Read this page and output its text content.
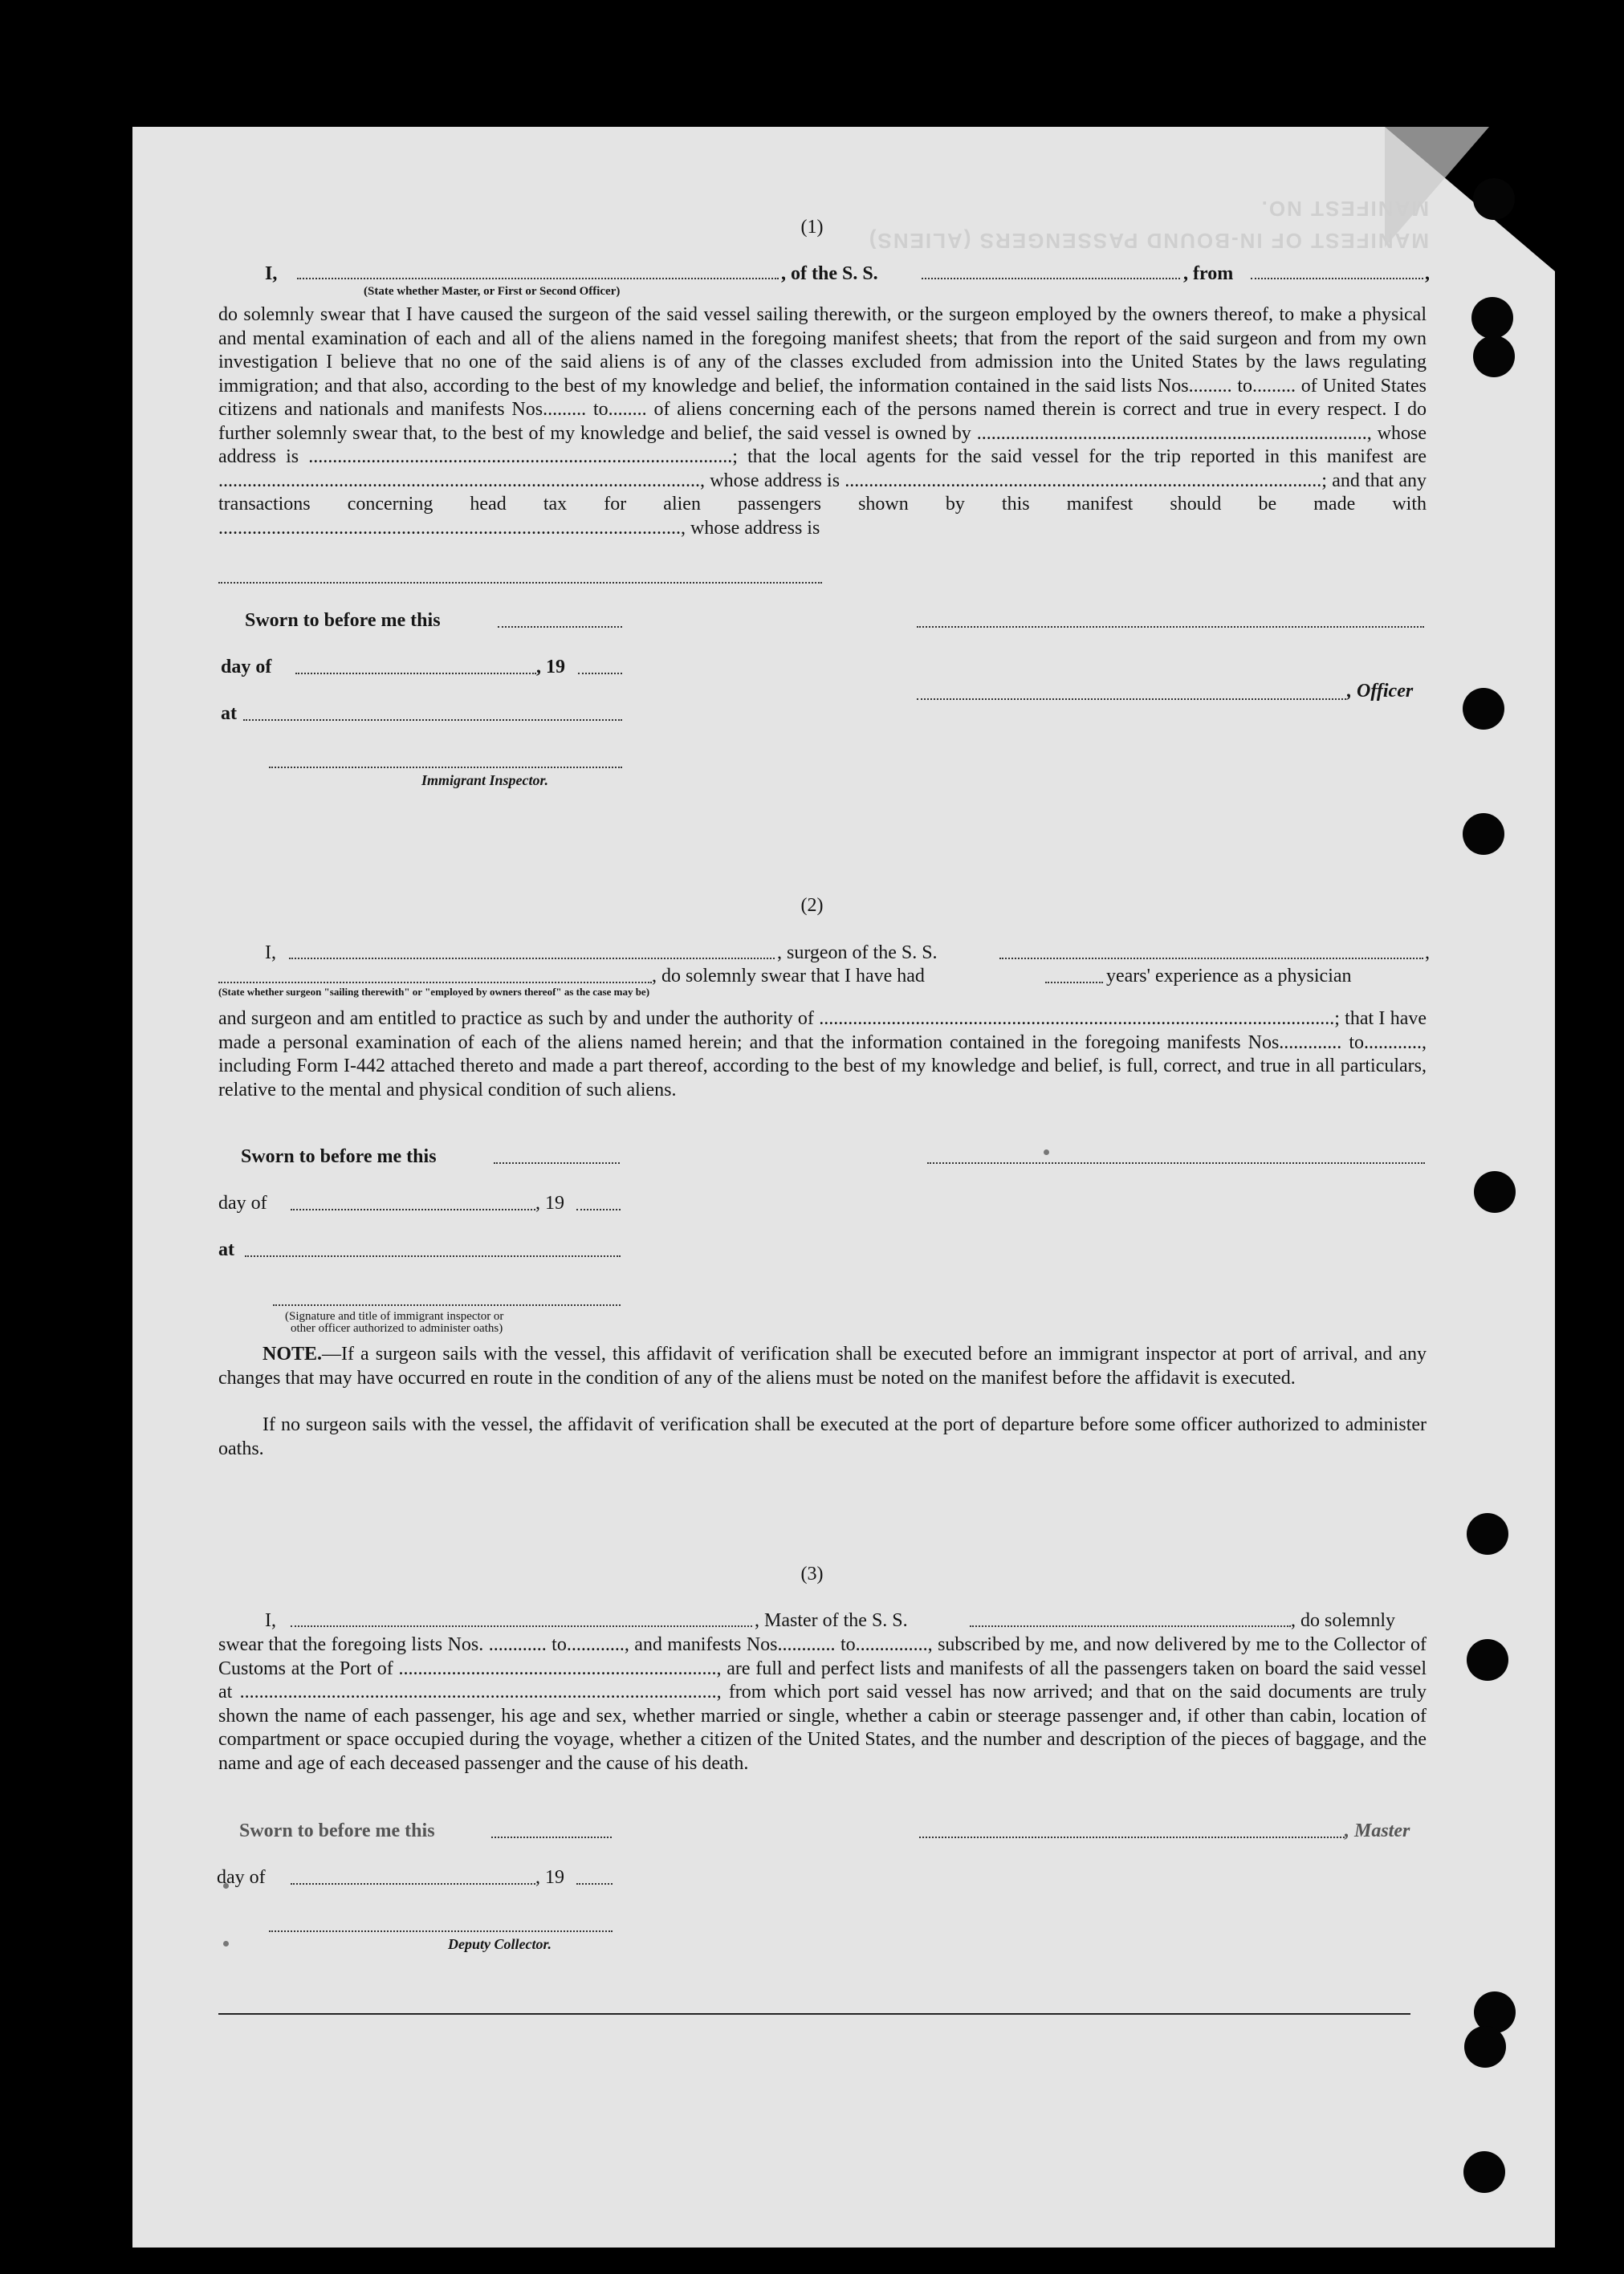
MANIFEST OF IN-BOUND PASSENGERS (ALIENS)
MANIFEST NO.
(1)
I,	, of the S. S.	, from	,
(State whether Master, or First or Second Officer)
do solemnly swear that I have caused the surgeon of the said vessel sailing therewith, or the surgeon employed by the owners thereof, to make a physical and mental examination of each and all of the aliens named in the foregoing manifest sheets; that from the report of the said surgeon and from my own investigation I believe that no one of the said aliens is of any of the classes excluded from admission into the United States by the laws regulating immigration; and that also, according to the best of my knowledge and belief, the information contained in the said lists Nos......... to......... of United States citizens and nationals and manifests Nos......... to........ of aliens concerning each of the persons named therein is correct and true in every respect. I do further solemnly swear that, to the best of my knowledge and belief, the said vessel is owned by ................................................................................., whose address is ........................................................................................; that the local agents for the said vessel for the trip reported in this manifest are ...................................................................................................., whose address is ...................................................................................................; and that any transactions concerning head tax for alien passengers shown by this manifest should be made with ................................................................................................, whose address is
Sworn to before me this
day of	, 19
, Officer
at
Immigrant Inspector.
(2)
I,	, surgeon of the S. S.	,
, do solemnly swear that I have had	years' experience as a physician
(State whether surgeon "sailing therewith" or "employed by owners thereof" as the case may be)
and surgeon and am entitled to practice as such by and under the authority of ...........................................................................................................; that I have made a personal examination of each of the aliens named herein; and that the information contained in the foregoing manifests Nos............. to............, including Form I-442 attached thereto and made a part thereof, according to the best of my knowledge and belief, is full, correct, and true in all particulars, relative to the mental and physical condition of such aliens.
Sworn to before me this
day of	, 19
at
(Signature and title of immigrant inspector or
other officer authorized to administer oaths)
NOTE.—If a surgeon sails with the vessel, this affidavit of verification shall be executed before an immigrant inspector at port of arrival, and any changes that may have occurred en route in the condition of any of the aliens must be noted on the manifest before the affidavit is executed.
If no surgeon sails with the vessel, the affidavit of verification shall be executed at the port of departure before some officer authorized to administer oaths.
(3)
I,	, Master of the S. S.	, do solemnly
swear that the foregoing lists Nos. ............ to............, and manifests Nos............ to..............., subscribed by me, and now delivered by me to the Collector of Customs at the Port of .................................................................., are full and perfect lists and manifests of all the passengers taken on board the said vessel at ..................................................................................................., from which port said vessel has now arrived; and that on the said documents are truly shown the name of each passenger, his age and sex, whether married or single, whether a cabin or steerage passenger and, if other than cabin, location of compartment or space occupied during the voyage, whether a citizen of the United States, and the number and description of the pieces of baggage, and the name and age of each deceased passenger and the cause of his death.
Sworn to before me this	, Master
day of	, 19
Deputy Collector.
